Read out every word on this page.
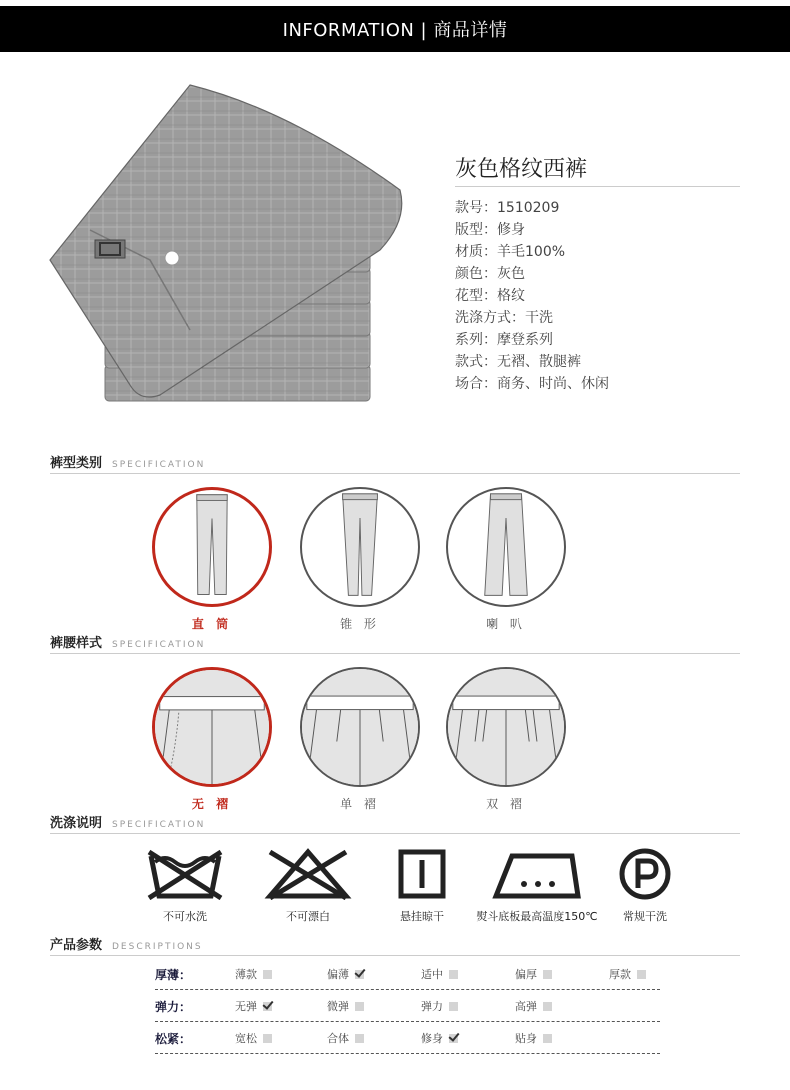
INFORMATION | 商品详情
灰色格纹西裤
款号：1510209
版型：修身
材质：羊毛100%
颜色：灰色
花型：格纹
洗涤方式：干洗
系列：摩登系列
款式：无褶、散腿裤
场合：商务、时尚、休闲
裤型类别 SPECIFICATION
直 筒	锥 形	喇 叭
裤腰样式 SPECIFICATION
无 褶	单 褶	双 褶
洗涤说明 SPECIFICATION
不可水洗	不可漂白	悬挂晾干	熨斗底板最高温度150℃	常规干洗
产品参数 DESCRIPTIONS
厚薄：	薄款	偏薄	适中	偏厚	厚款
弹力：	无弹	微弹	弹力	高弹
松紧：	宽松	合体	修身	贴身
